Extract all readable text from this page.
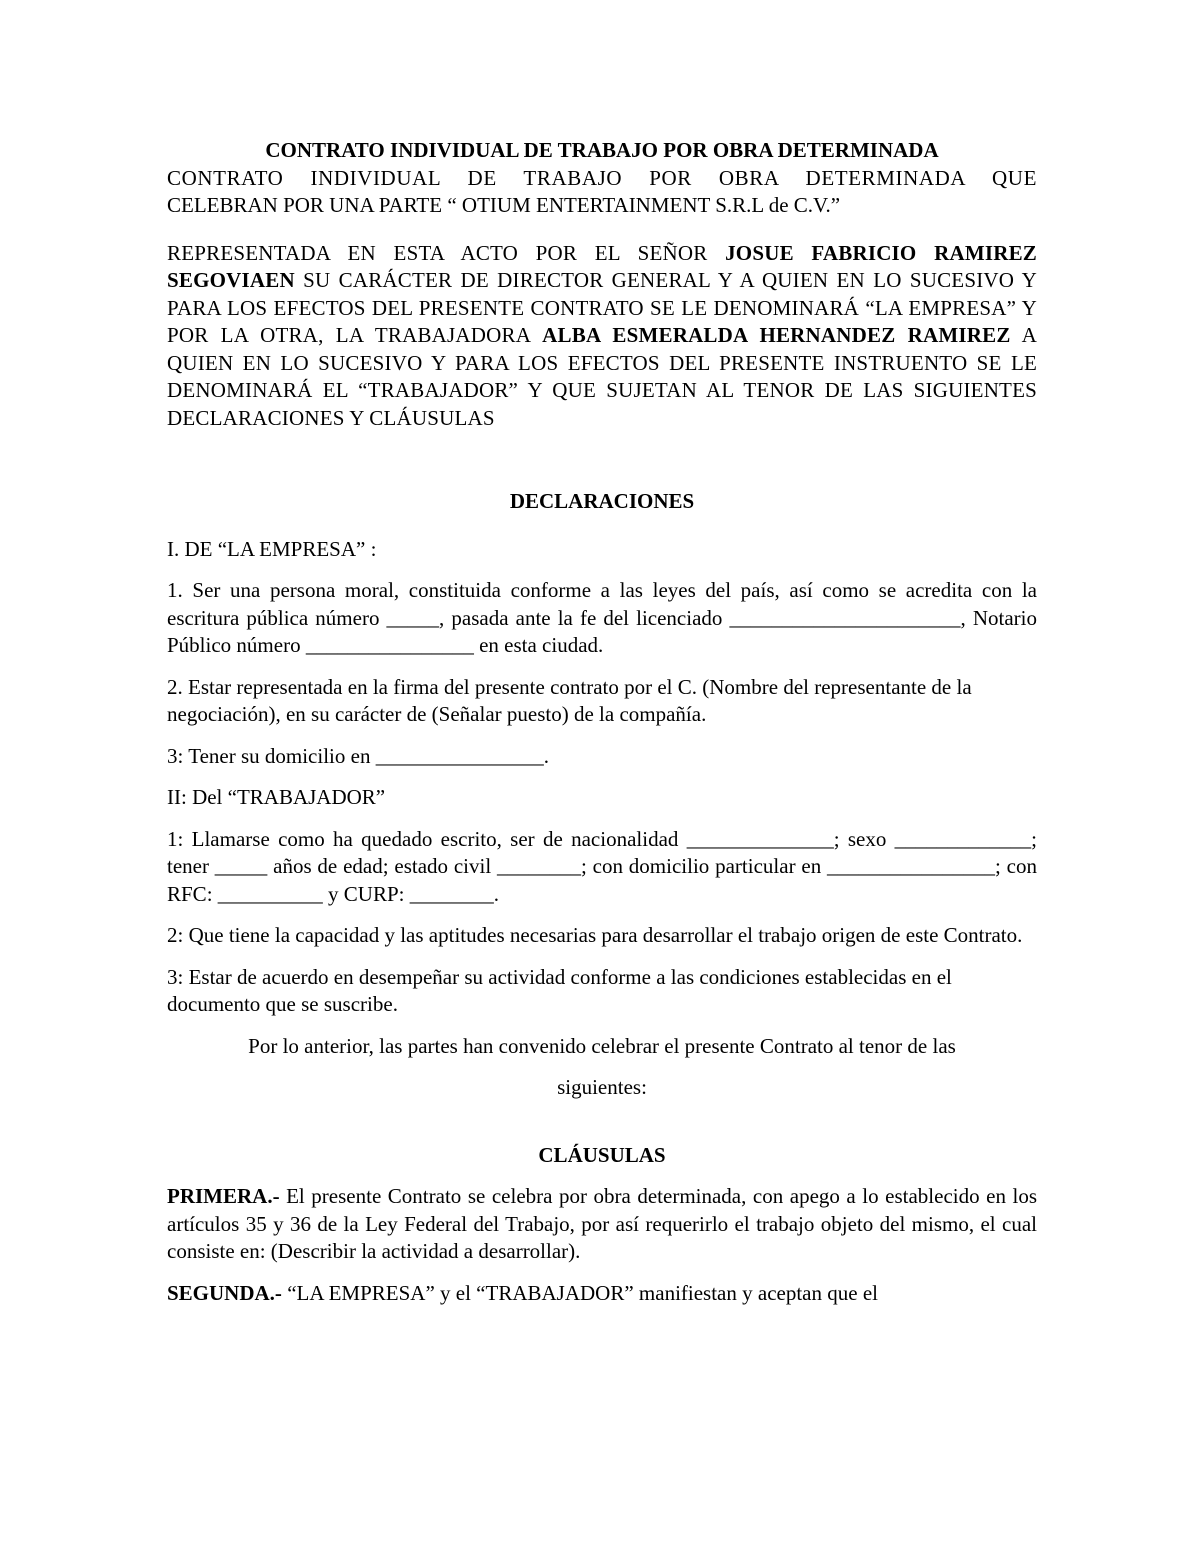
CONTRATO INDIVIDUAL DE TRABAJO POR OBRA DETERMINADA

CONTRATO INDIVIDUAL DE TRABAJO POR OBRA DETERMINADA QUE

CELEBRAN POR UNA PARTE “ OTIUM ENTERTAINMENT S.R.L de C.V.”

REPRESENTADA EN ESTA ACTO POR EL SEÑOR JOSUE FABRICIO RAMIREZ SEGOVIAEN SU CARÁCTER DE DIRECTOR GENERAL Y A QUIEN EN LO SUCESIVO Y PARA LOS EFECTOS DEL PRESENTE CONTRATO SE LE DENOMINARÁ “LA EMPRESA” Y POR LA OTRA, LA TRABAJADORA ALBA ESMERALDA HERNANDEZ RAMIREZ A QUIEN EN LO SUCESIVO Y PARA LOS EFECTOS DEL PRESENTE INSTRUENTO SE LE DENOMINARÁ EL “TRABAJADOR” Y QUE SUJETAN AL TENOR DE LAS SIGUIENTES DECLARACIONES Y CLÁUSULAS

DECLARACIONES

I. DE “LA EMPRESA” :

1. Ser una persona moral, constituida conforme a las leyes del país, así como se acredita con la escritura pública número _____, pasada ante la fe del licenciado ______________________, Notario Público número ________________ en esta ciudad.

2. Estar representada en la firma del presente contrato por el C. (Nombre del representante de la negociación), en su carácter de (Señalar puesto) de la compañía.

3: Tener su domicilio en ________________.

II: Del “TRABAJADOR”

1: Llamarse como ha quedado escrito, ser de nacionalidad ______________; sexo _____________; tener _____ años de edad; estado civil ________; con domicilio particular en ________________; con RFC: __________ y CURP: ________.

2: Que tiene la capacidad y las aptitudes necesarias para desarrollar el trabajo origen de este Contrato.

3: Estar de acuerdo en desempeñar su actividad conforme a las condiciones establecidas en el documento que se suscribe.

Por lo anterior, las partes han convenido celebrar el presente Contrato al tenor de las

siguientes:

CLÁUSULAS

PRIMERA.- El presente Contrato se celebra por obra determinada, con apego a lo establecido en los artículos 35 y 36 de la Ley Federal del Trabajo, por así requerirlo el trabajo objeto del mismo, el cual consiste en: (Describir la actividad a desarrollar).

SEGUNDA.- “LA EMPRESA” y el “TRABAJADOR” manifiestan y aceptan que el
